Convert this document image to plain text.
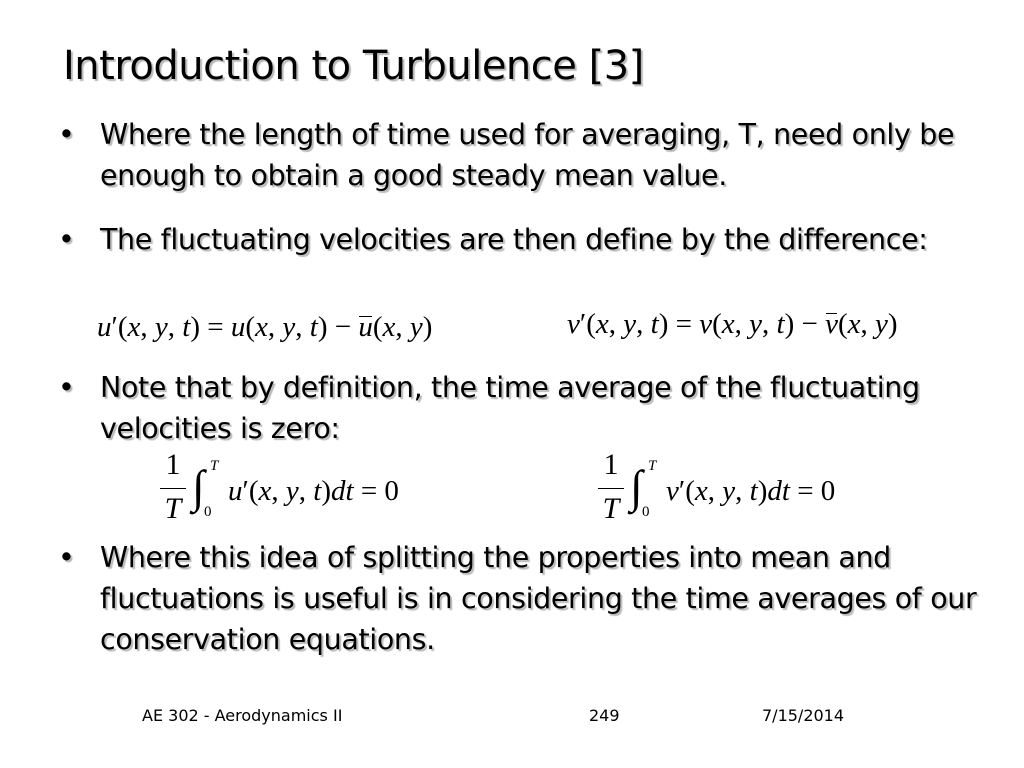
Introduction to Turbulence [3]
• Where the length of time used for averaging, T, need only be enough to obtain a good steady mean value.
• The fluctuating velocities are then define by the difference:
u′(x, y, t) = u(x, y, t) − u(x, y)	v′(x, y, t) = v(x, y, t) − v(x, y)
• Note that by definition, the time average of the fluctuating velocities is zero:
1
T ∫ T
0
u′(x, y, t)dt = 0
1
T ∫ T
0
v′(x, y, t)dt = 0
• Where this idea of splitting the properties into mean and fluctuations is useful is in considering the time averages of our conservation equations.
AE 302 - Aerodynamics II	249	7/15/2014
